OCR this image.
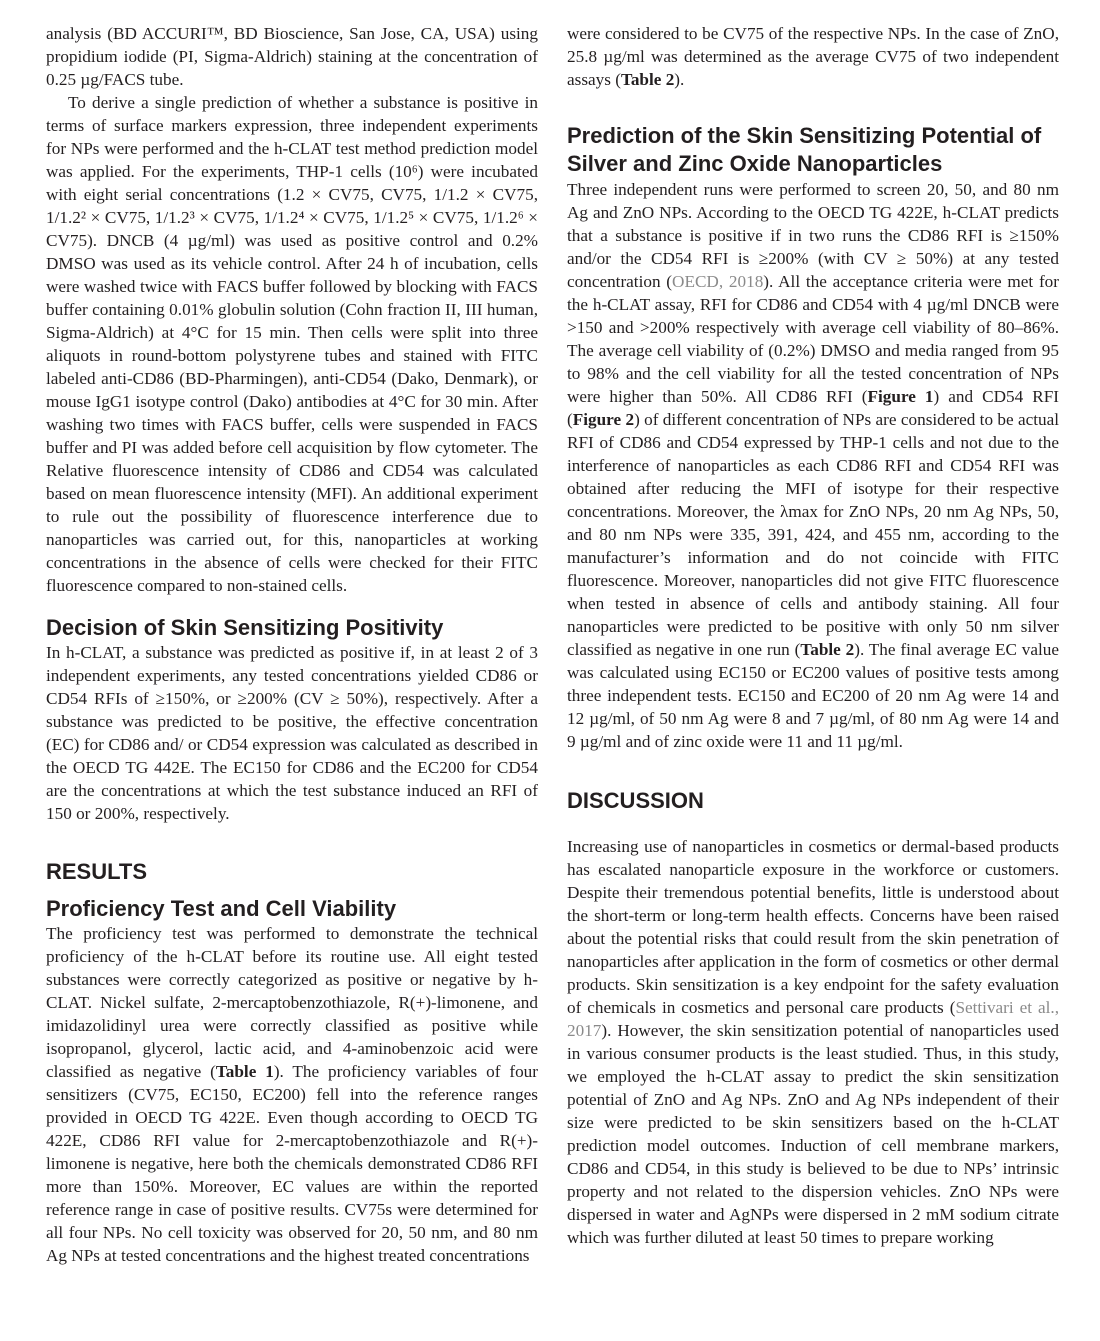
analysis (BD ACCURI™, BD Bioscience, San Jose, CA, USA) using propidium iodide (PI, Sigma-Aldrich) staining at the concentration of 0.25 µg/FACS tube.

To derive a single prediction of whether a substance is positive in terms of surface markers expression, three independent experiments for NPs were performed and the h-CLAT test method prediction model was applied. For the experiments, THP-1 cells (10⁶) were incubated with eight serial concentrations (1.2 × CV75, CV75, 1/1.2 × CV75, 1/1.2² × CV75, 1/1.2³ × CV75, 1/1.2⁴ × CV75, 1/1.2⁵ × CV75, 1/1.2⁶ × CV75). DNCB (4 µg/ml) was used as positive control and 0.2% DMSO was used as its vehicle control. After 24 h of incubation, cells were washed twice with FACS buffer followed by blocking with FACS buffer containing 0.01% globulin solution (Cohn fraction II, III human, Sigma-Aldrich) at 4°C for 15 min. Then cells were split into three aliquots in round-bottom polystyrene tubes and stained with FITC labeled anti-CD86 (BD-Pharmingen), anti-CD54 (Dako, Denmark), or mouse IgG1 isotype control (Dako) antibodies at 4°C for 30 min. After washing two times with FACS buffer, cells were suspended in FACS buffer and PI was added before cell acquisition by flow cytometer. The Relative fluorescence intensity of CD86 and CD54 was calculated based on mean fluorescence intensity (MFI). An additional experiment to rule out the possibility of fluorescence interference due to nanoparticles was carried out, for this, nanoparticles at working concentrations in the absence of cells were checked for their FITC fluorescence compared to non-stained cells.

Decision of Skin Sensitizing Positivity

In h-CLAT, a substance was predicted as positive if, in at least 2 of 3 independent experiments, any tested concentrations yielded CD86 or CD54 RFIs of ≥150%, or ≥200% (CV ≥ 50%), respectively. After a substance was predicted to be positive, the effective concentration (EC) for CD86 and/ or CD54 expression was calculated as described in the OECD TG 442E. The EC150 for CD86 and the EC200 for CD54 are the concentrations at which the test substance induced an RFI of 150 or 200%, respectively.

RESULTS
Proficiency Test and Cell Viability

The proficiency test was performed to demonstrate the technical proficiency of the h-CLAT before its routine use. All eight tested substances were correctly categorized as positive or negative by h-CLAT. Nickel sulfate, 2-mercaptobenzothiazole, R(+)-limonene, and imidazolidinyl urea were correctly classified as positive while isopropanol, glycerol, lactic acid, and 4-aminobenzoic acid were classified as negative (Table 1). The proficiency variables of four sensitizers (CV75, EC150, EC200) fell into the reference ranges provided in OECD TG 422E. Even though according to OECD TG 422E, CD86 RFI value for 2-mercaptobenzothiazole and R(+)-limonene is negative, here both the chemicals demonstrated CD86 RFI more than 150%. Moreover, EC values are within the reported reference range in case of positive results. CV75s were determined for all four NPs. No cell toxicity was observed for 20, 50 nm, and 80 nm Ag NPs at tested concentrations and the highest treated concentrations

were considered to be CV75 of the respective NPs. In the case of ZnO, 25.8 µg/ml was determined as the average CV75 of two independent assays (Table 2).

Prediction of the Skin Sensitizing Potential of Silver and Zinc Oxide Nanoparticles

Three independent runs were performed to screen 20, 50, and 80 nm Ag and ZnO NPs. According to the OECD TG 422E, h-CLAT predicts that a substance is positive if in two runs the CD86 RFI is ≥150% and/or the CD54 RFI is ≥200% (with CV ≥ 50%) at any tested concentration (OECD, 2018). All the acceptance criteria were met for the h-CLAT assay, RFI for CD86 and CD54 with 4 µg/ml DNCB were >150 and >200% respectively with average cell viability of 80–86%. The average cell viability of (0.2%) DMSO and media ranged from 95 to 98% and the cell viability for all the tested concentration of NPs were higher than 50%. All CD86 RFI (Figure 1) and CD54 RFI (Figure 2) of different concentration of NPs are considered to be actual RFI of CD86 and CD54 expressed by THP-1 cells and not due to the interference of nanoparticles as each CD86 RFI and CD54 RFI was obtained after reducing the MFI of isotype for their respective concentrations. Moreover, the λmax for ZnO NPs, 20 nm Ag NPs, 50, and 80 nm NPs were 335, 391, 424, and 455 nm, according to the manufacturer’s information and do not coincide with FITC fluorescence. Moreover, nanoparticles did not give FITC fluorescence when tested in absence of cells and antibody staining. All four nanoparticles were predicted to be positive with only 50 nm silver classified as negative in one run (Table 2). The final average EC value was calculated using EC150 or EC200 values of positive tests among three independent tests. EC150 and EC200 of 20 nm Ag were 14 and 12 µg/ml, of 50 nm Ag were 8 and 7 µg/ml, of 80 nm Ag were 14 and 9 µg/ml and of zinc oxide were 11 and 11 µg/ml.

DISCUSSION

Increasing use of nanoparticles in cosmetics or dermal-based products has escalated nanoparticle exposure in the workforce or customers. Despite their tremendous potential benefits, little is understood about the short-term or long-term health effects. Concerns have been raised about the potential risks that could result from the skin penetration of nanoparticles after application in the form of cosmetics or other dermal products. Skin sensitization is a key endpoint for the safety evaluation of chemicals in cosmetics and personal care products (Settivari et al., 2017). However, the skin sensitization potential of nanoparticles used in various consumer products is the least studied. Thus, in this study, we employed the h-CLAT assay to predict the skin sensitization potential of ZnO and Ag NPs. ZnO and Ag NPs independent of their size were predicted to be skin sensitizers based on the h-CLAT prediction model outcomes. Induction of cell membrane markers, CD86 and CD54, in this study is believed to be due to NPs’ intrinsic property and not related to the dispersion vehicles. ZnO NPs were dispersed in water and AgNPs were dispersed in 2 mM sodium citrate which was further diluted at least 50 times to prepare working
